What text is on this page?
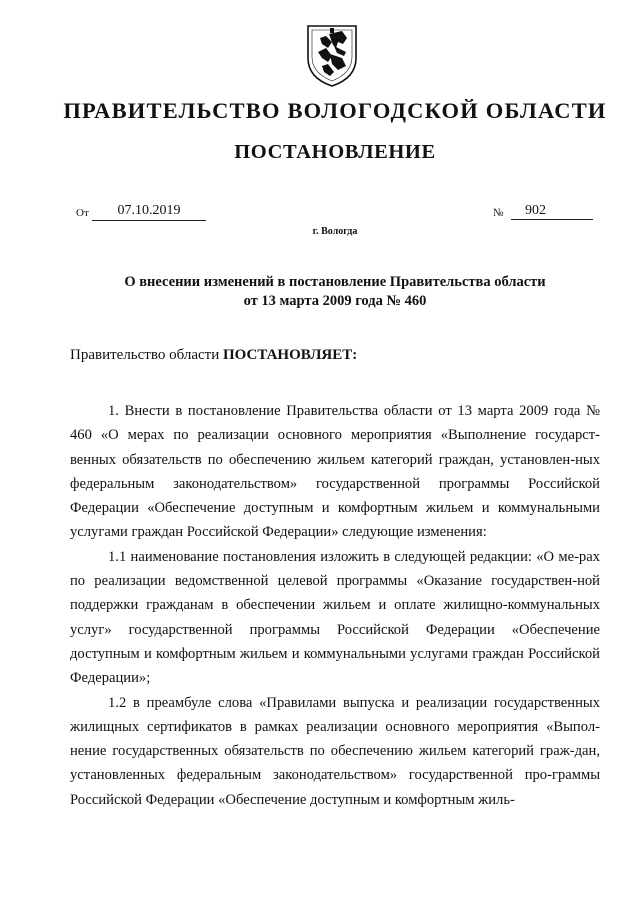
ПРАВИТЕЛЬСТВО ВОЛОГОДСКОЙ ОБЛАСТИ
ПОСТАНОВЛЕНИЕ
От	07.10.2019	№	902
г. Вологда
О внесении изменений в постановление Правительства области
от 13 марта 2009 года № 460
Правительство области ПОСТАНОВЛЯЕТ:

1. Внести в постановление Правительства области от 13 марта 2009 года № 460 «О мерах по реализации основного мероприятия «Выполнение государст-венных обязательств по обеспечению жильем категорий граждан, установлен-ных федеральным законодательством» государственной программы Российской Федерации «Обеспечение доступным и комфортным жильем и коммунальными услугами граждан Российской Федерации» следующие изменения:

1.1 наименование постановления изложить в следующей редакции: «О ме-рах по реализации ведомственной целевой программы «Оказание государствен-ной поддержки гражданам в обеспечении жильем и оплате жилищно-коммунальных услуг» государственной программы Российской Федерации «Обеспечение доступным и комфортным жильем и коммунальными услугами граждан Российской Федерации»;

1.2 в преамбуле слова «Правилами выпуска и реализации государственных жилищных сертификатов в рамках реализации основного мероприятия «Выпол-нение государственных обязательств по обеспечению жильем категорий граж-дан, установленных федеральным законодательством» государственной про-граммы Российской Федерации «Обеспечение доступным и комфортным жиль-
